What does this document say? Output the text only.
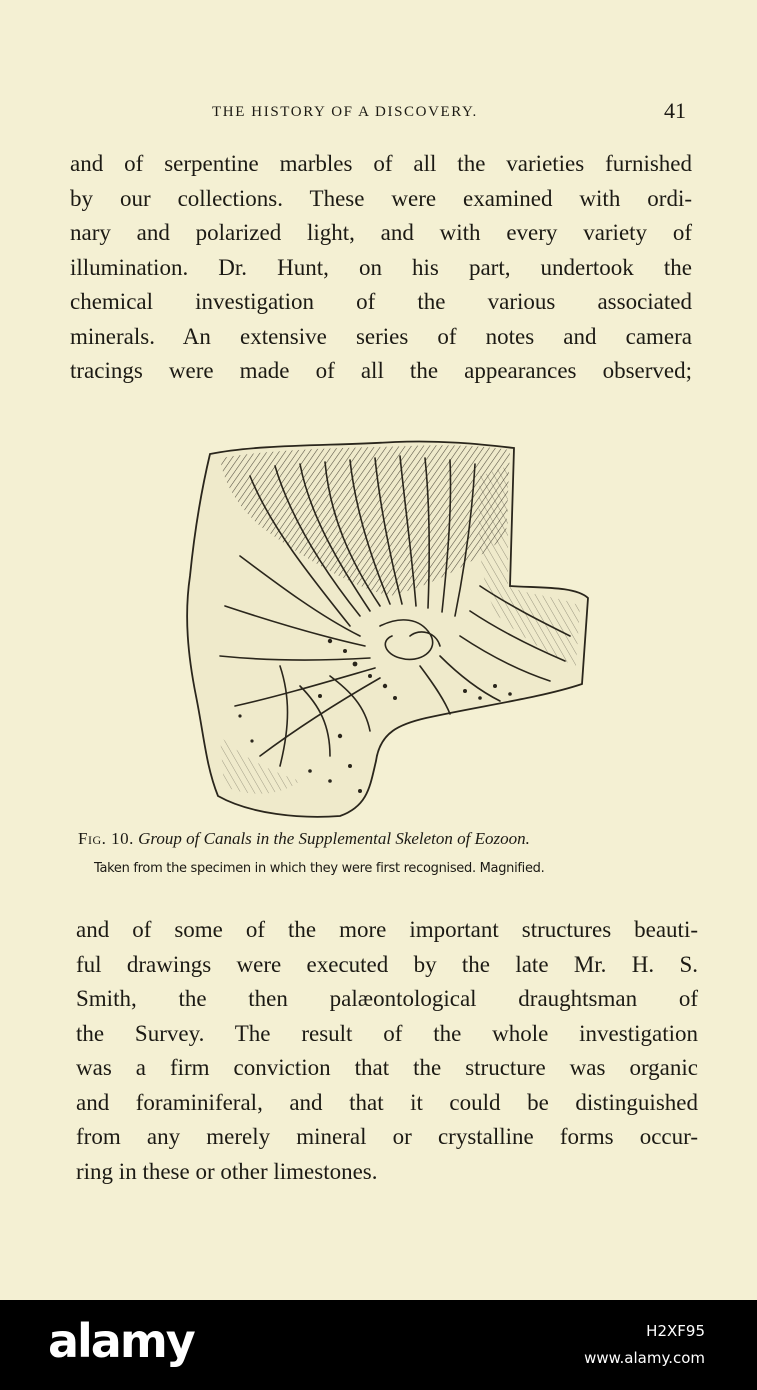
THE HISTORY OF A DISCOVERY.	41
and of serpentine marbles of all the varieties furnished
by our collections. These were examined with ordi-
nary and polarized light, and with every variety of
illumination. Dr. Hunt, on his part, undertook the
chemical investigation of the various associated
minerals. An extensive series of notes and camera
tracings were made of all the appearances observed;
Fig. 10. Group of Canals in the Supplemental Skeleton of Eozoon.
Taken from the specimen in which they were first recognised. Magnified.
and of some of the more important structures beauti-
ful drawings were executed by the late Mr. H. S.
Smith, the then palæontological draughtsman of
the Survey. The result of the whole investigation
was a firm conviction that the structure was organic
and foraminiferal, and that it could be distinguished
from any merely mineral or crystalline forms occur-
ring in these or other limestones.
alamy	H2XF95
www.alamy.com
